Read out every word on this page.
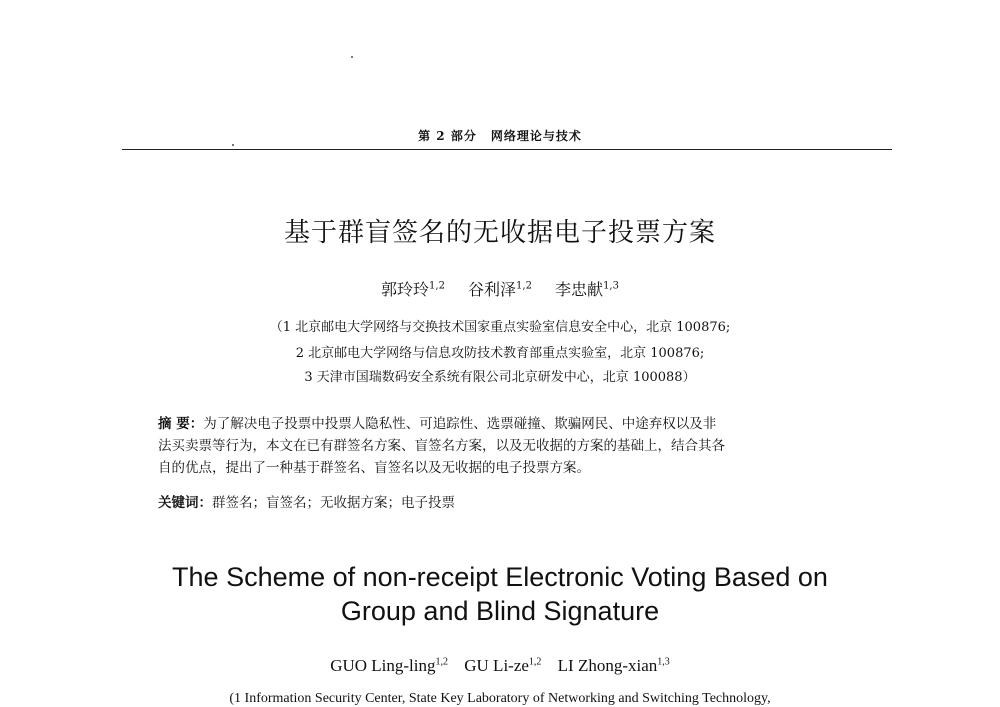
第 2 部分 网络理论与技术
基于群盲签名的无收据电子投票方案
郭玲玲$^{1,2}$ 谷利泽$^{1,2}$ 李忠献$^{1,3}$
（1 北京邮电大学网络与交换技术国家重点实验室信息安全中心，北京 100876;
2 北京邮电大学网络与信息攻防技术教育部重点实验室，北京 100876;
3 天津市国瑞数码安全系统有限公司北京研发中心，北京 100088）
摘 要：为了解决电子投票中投票人隐私性、可追踪性、选票碰撞、欺骗网民、中途弃权以及非
法买卖票等行为，本文在已有群签名方案、盲签名方案，以及无收据的方案的基础上，结合其各
自的优点，提出了一种基于群签名、盲签名以及无收据的电子投票方案。
关键词：群签名；盲签名；无收据方案；电子投票
The Scheme of non-receipt Electronic Voting Based on
Group and Blind Signature
GUO Ling-ling$^{1,2}$ GU Li-ze$^{1,2}$ LI Zhong-xian$^{1,3}$
(1 Information Security Center, State Key Laboratory of Networking and Switching Technology,
